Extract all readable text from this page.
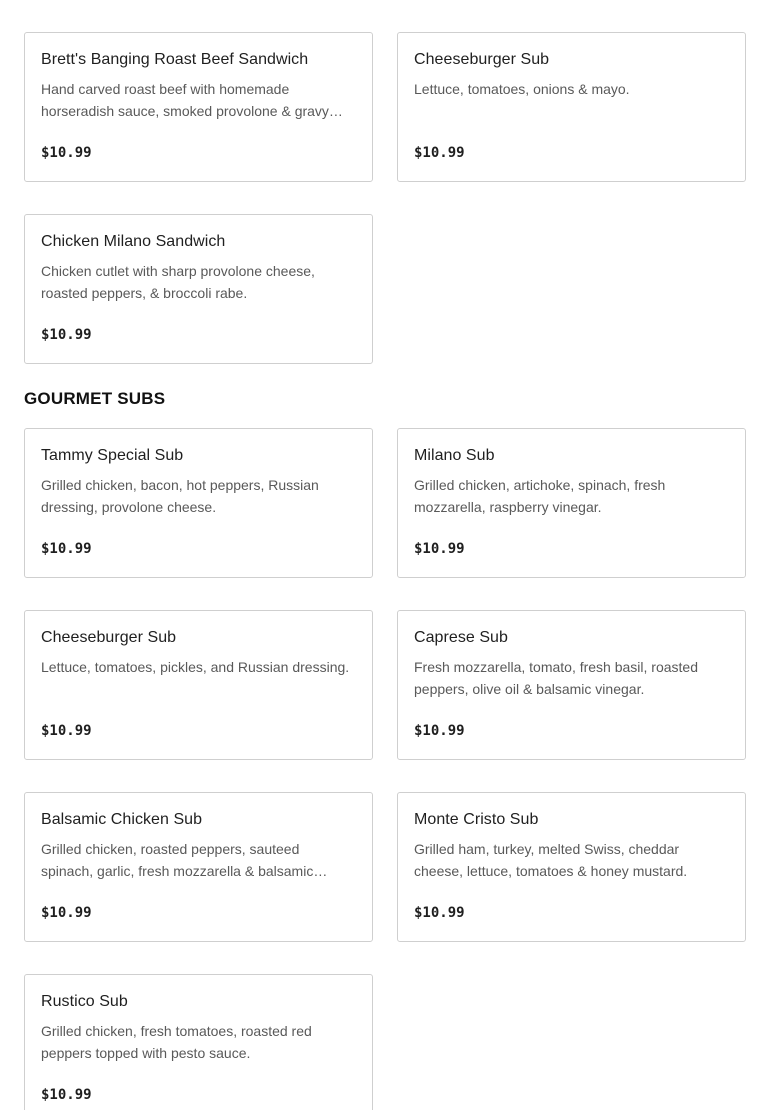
Brett's Banging Roast Beef Sandwich
Hand carved roast beef with homemade horseradish sauce, smoked provolone & gravy…
$10.99
Cheeseburger Sub
Lettuce, tomatoes, onions & mayo.
$10.99
Chicken Milano Sandwich
Chicken cutlet with sharp provolone cheese, roasted peppers, & broccoli rabe.
$10.99
GOURMET SUBS
Tammy Special Sub
Grilled chicken, bacon, hot peppers, Russian dressing, provolone cheese.
$10.99
Milano Sub
Grilled chicken, artichoke, spinach, fresh mozzarella, raspberry vinegar.
$10.99
Cheeseburger Sub
Lettuce, tomatoes, pickles, and Russian dressing.
$10.99
Caprese Sub
Fresh mozzarella, tomato, fresh basil, roasted peppers, olive oil & balsamic vinegar.
$10.99
Balsamic Chicken Sub
Grilled chicken, roasted peppers, sauteed spinach, garlic, fresh mozzarella & balsamic…
$10.99
Monte Cristo Sub
Grilled ham, turkey, melted Swiss, cheddar cheese, lettuce, tomatoes & honey mustard.
$10.99
Rustico Sub
Grilled chicken, fresh tomatoes, roasted red peppers topped with pesto sauce.
$10.99
